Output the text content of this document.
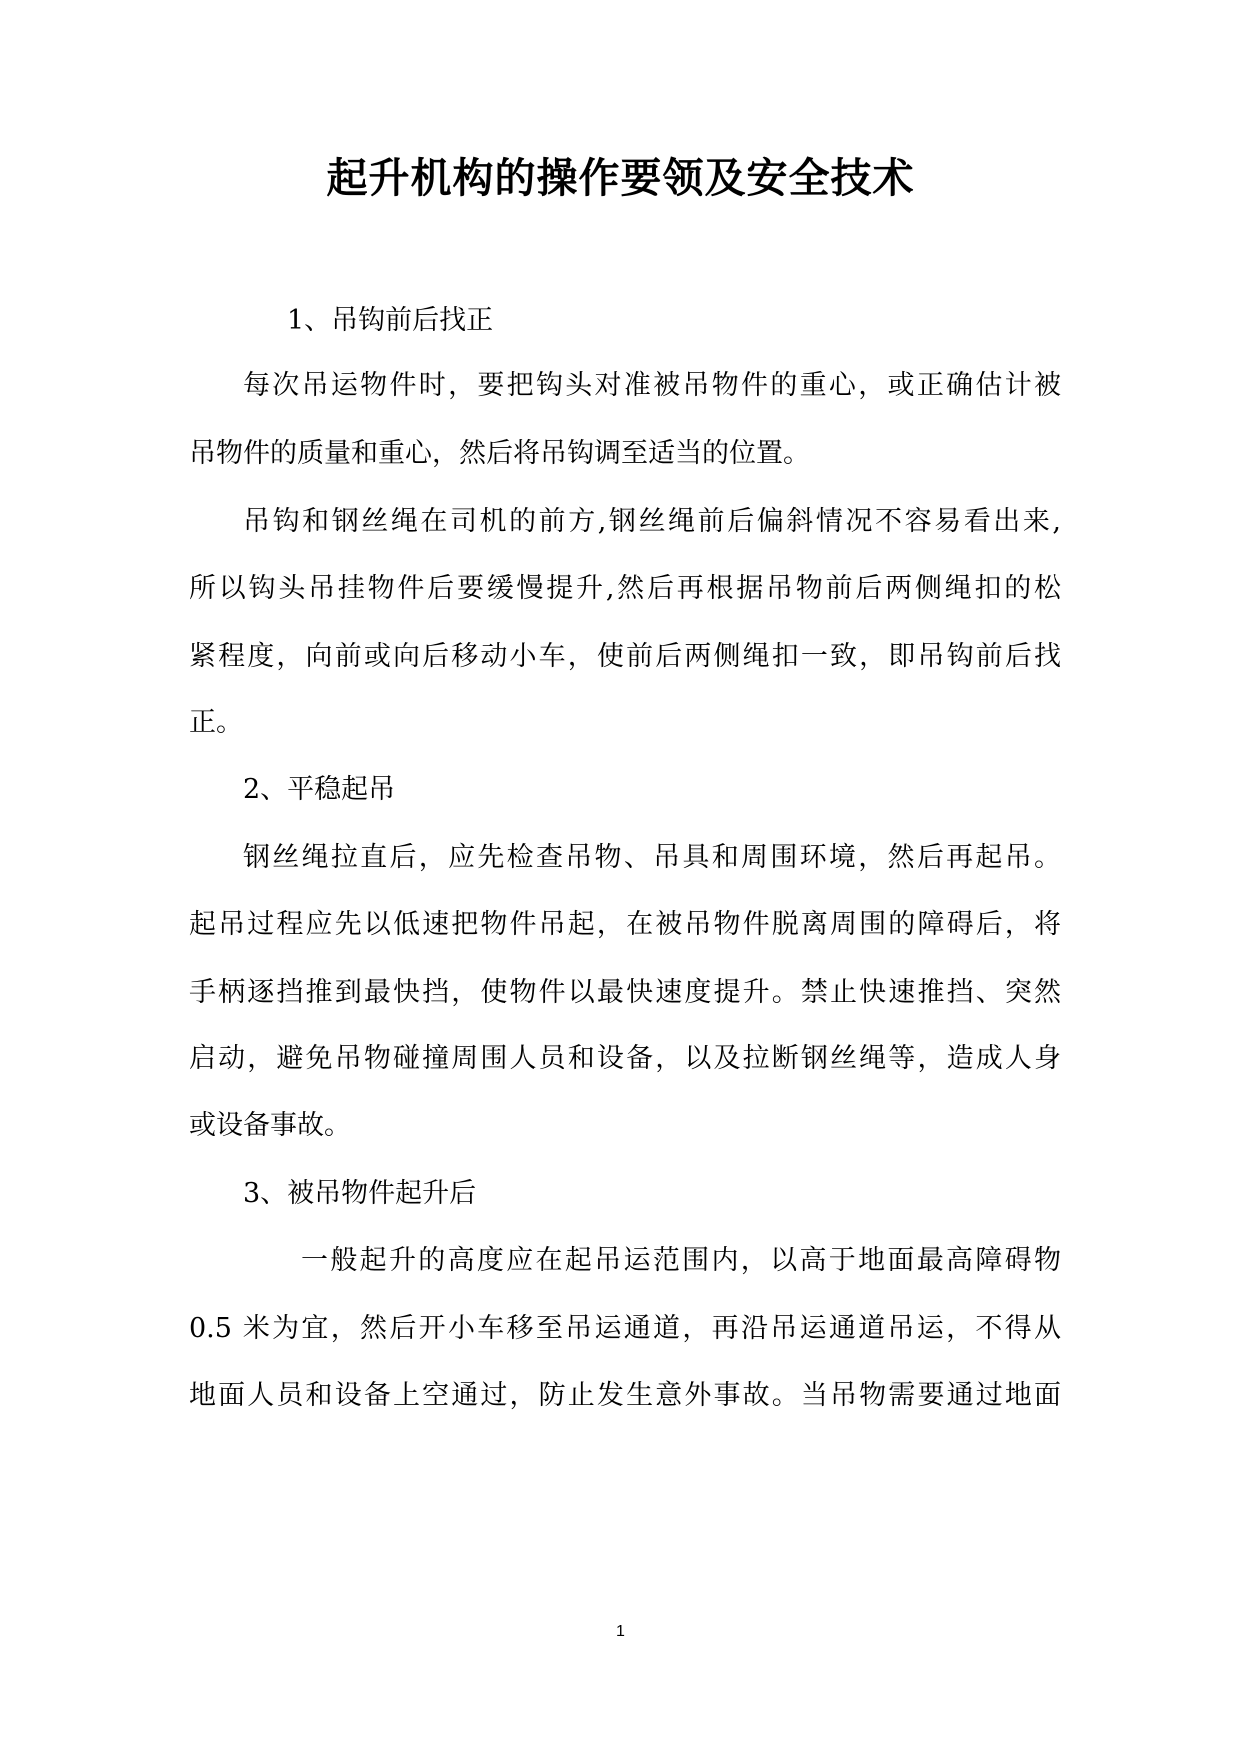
起升机构的操作要领及安全技术
1、吊钩前后找正
每次吊运物件时，要把钩头对准被吊物件的重心，或正确估计被
吊物件的质量和重心，然后将吊钩调至适当的位置。
吊钩和钢丝绳在司机的前方,钢丝绳前后偏斜情况不容易看出来,
所以钩头吊挂物件后要缓慢提升,然后再根据吊物前后两侧绳扣的松
紧程度，向前或向后移动小车，使前后两侧绳扣一致，即吊钩前后找
正。
2、平稳起吊
钢丝绳拉直后，应先检查吊物、吊具和周围环境，然后再起吊。
起吊过程应先以低速把物件吊起，在被吊物件脱离周围的障碍后，将
手柄逐挡推到最快挡，使物件以最快速度提升。禁止快速推挡、突然
启动，避免吊物碰撞周围人员和设备，以及拉断钢丝绳等，造成人身
或设备事故。
3、被吊物件起升后
一般起升的高度应在起吊运范围内，以高于地面最高障碍物
0.5 米为宜，然后开小车移至吊运通道，再沿吊运通道吊运，不得从
地面人员和设备上空通过，防止发生意外事故。当吊物需要通过地面
1
